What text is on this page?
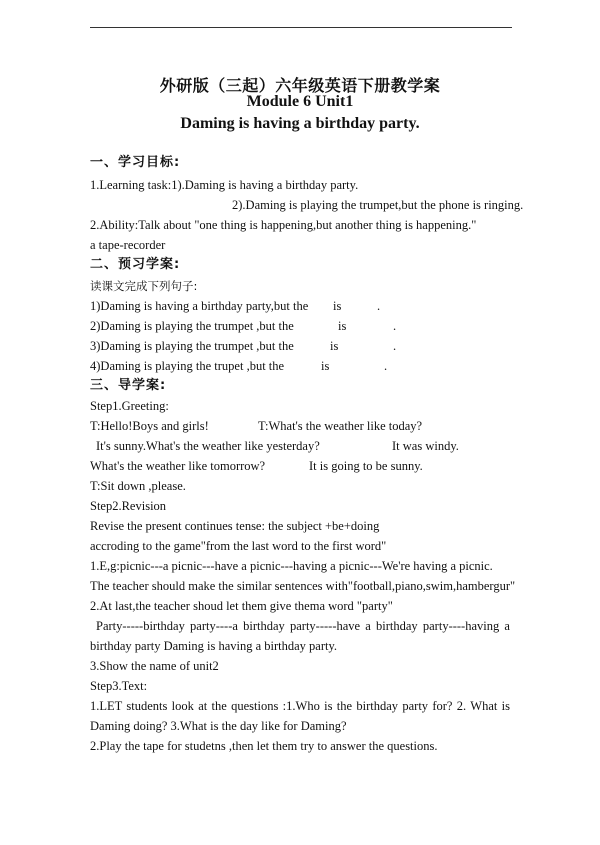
外研版（三起）六年级英语下册教学案
Module 6 Unit1
Daming is having a birthday party.
一、学习目标:
1.Learning task:1).Daming is having a birthday party.
2).Daming is playing the trumpet,but the phone is ringing.
2.Ability:Talk about "one thing is happening,but another thing is happening."
a tape-recorder
二、预习学案:
读课文完成下列句子:
1)Daming is having a birthday party,but the is	.
2)Daming is playing the trumpet ,but the	is	.
3)Daming is playing the trumpet ,but the	is	.
4)Daming is playing the trupet ,but the	is	.
三、导学案:
Step1.Greeting:
T:Hello!Boys and girls!	T:What's the weather like today?
It's sunny.What's the weather like yesterday?	It was windy.
What's the weather like tomorrow?	It is going to be sunny.
T:Sit down ,please.
Step2.Revision
Revise the present continues tense: the subject +be+doing
accroding to the game"from the last word to the first word"
1.E,g:picnic---a picnic---have a picnic---having a picnic---We're having a picnic.
The teacher should make the similar sentences with"football,piano,swim,hambergur"
2.At last,the teacher shoud let them give thema word "party"
Party-----birthday party----a birthday party-----have a birthday party----having a
birthday party Daming is having a birthday party.
3.Show the name of unit2
Step3.Text:
1.LET students look at the questions :1.Who is the birthday party for? 2. What is
Daming doing? 3.What is the day like for Daming?
2.Play the tape for studetns ,then let them try to answer the questions.
